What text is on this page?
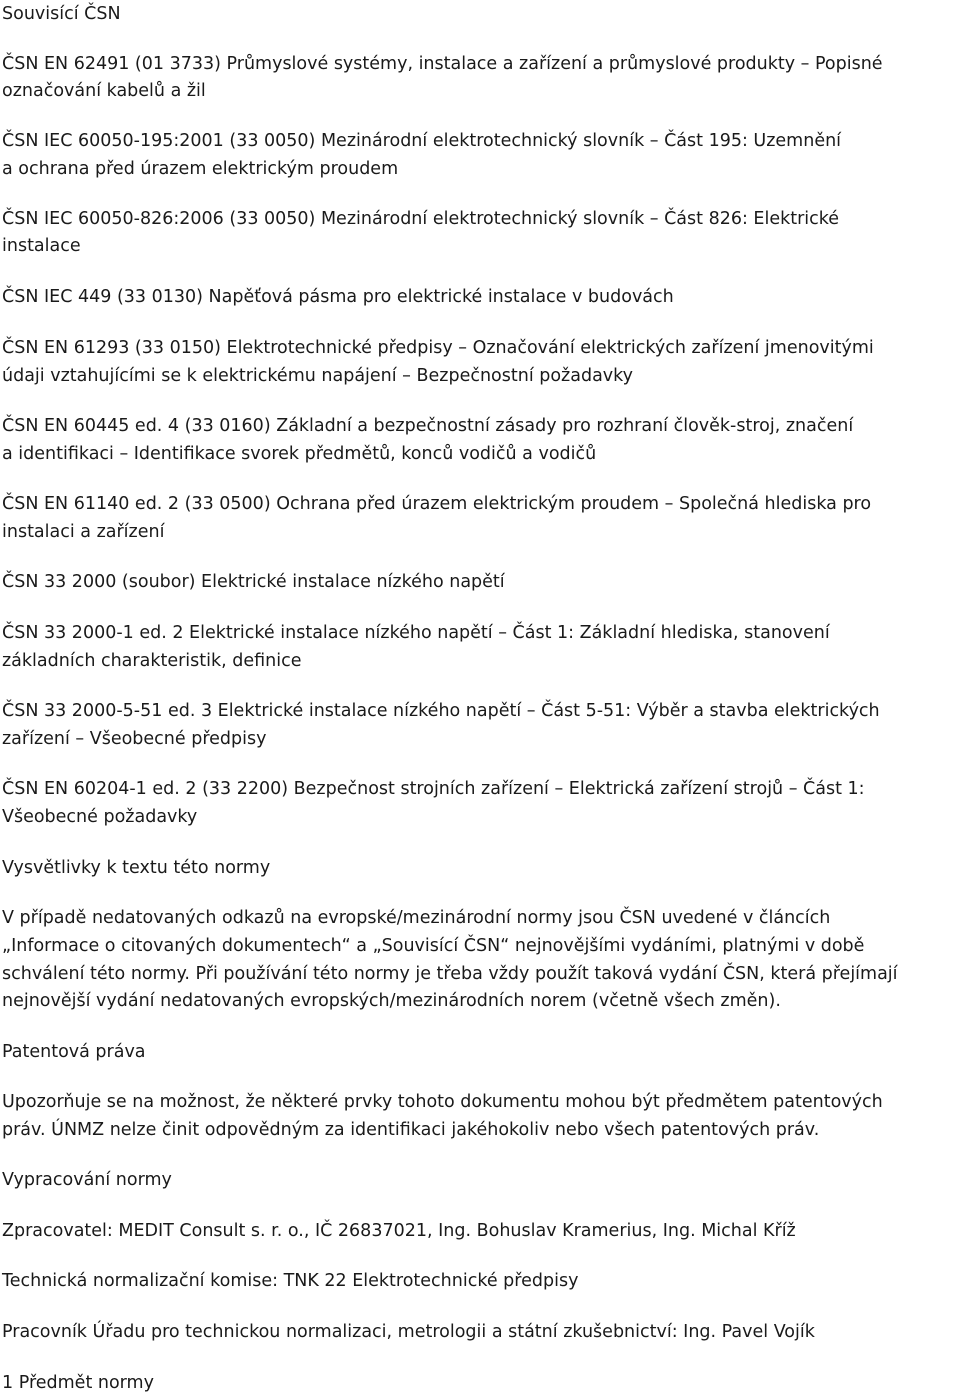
Souvisící ČSN
ČSN EN 62491 (01 3733) Průmyslové systémy, instalace a zařízení a průmyslové produkty – Popisné
označování kabelů a žil
ČSN IEC 60050-195:2001 (33 0050) Mezinárodní elektrotechnický slovník – Část 195: Uzemnění
a ochrana před úrazem elektrickým proudem
ČSN IEC 60050-826:2006 (33 0050) Mezinárodní elektrotechnický slovník – Část 826: Elektrické
instalace
ČSN IEC 449 (33 0130) Napěťová pásma pro elektrické instalace v budovách
ČSN EN 61293 (33 0150) Elektrotechnické předpisy – Označování elektrických zařízení jmenovitými
údaji vztahujícími se k elektrickému napájení – Bezpečnostní požadavky
ČSN EN 60445 ed. 4 (33 0160) Základní a bezpečnostní zásady pro rozhraní člověk-stroj, značení
a identifikaci – Identifikace svorek předmětů, konců vodičů a vodičů
ČSN EN 61140 ed. 2 (33 0500) Ochrana před úrazem elektrickým proudem – Společná hlediska pro
instalaci a zařízení
ČSN 33 2000 (soubor) Elektrické instalace nízkého napětí
ČSN 33 2000-1 ed. 2 Elektrické instalace nízkého napětí – Část 1: Základní hlediska, stanovení
základních charakteristik, definice
ČSN 33 2000-5-51 ed. 3 Elektrické instalace nízkého napětí – Část 5-51: Výběr a stavba elektrických
zařízení – Všeobecné předpisy
ČSN EN 60204-1 ed. 2 (33 2200) Bezpečnost strojních zařízení – Elektrická zařízení strojů – Část 1:
Všeobecné požadavky
Vysvětlivky k textu této normy
V případě nedatovaných odkazů na evropské/mezinárodní normy jsou ČSN uvedené v článcích
„Informace o citovaných dokumentech“ a „Souvisící ČSN“ nejnovějšími vydáními, platnými v době
schválení této normy. Při používání této normy je třeba vždy použít taková vydání ČSN, která přejímají
nejnovější vydání nedatovaných evropských/mezinárodních norem (včetně všech změn).
Patentová práva
Upozorňuje se na možnost, že některé prvky tohoto dokumentu mohou být předmětem patentových
práv. ÚNMZ nelze činit odpovědným za identifikaci jakéhokoliv nebo všech patentových práv.
Vypracování normy
Zpracovatel: MEDIT Consult s. r. o., IČ 26837021, Ing. Bohuslav Kramerius, Ing. Michal Kříž
Technická normalizační komise: TNK 22 Elektrotechnické předpisy
Pracovník Úřadu pro technickou normalizaci, metrologii a státní zkušebnictví: Ing. Pavel Vojík
1 Předmět normy
